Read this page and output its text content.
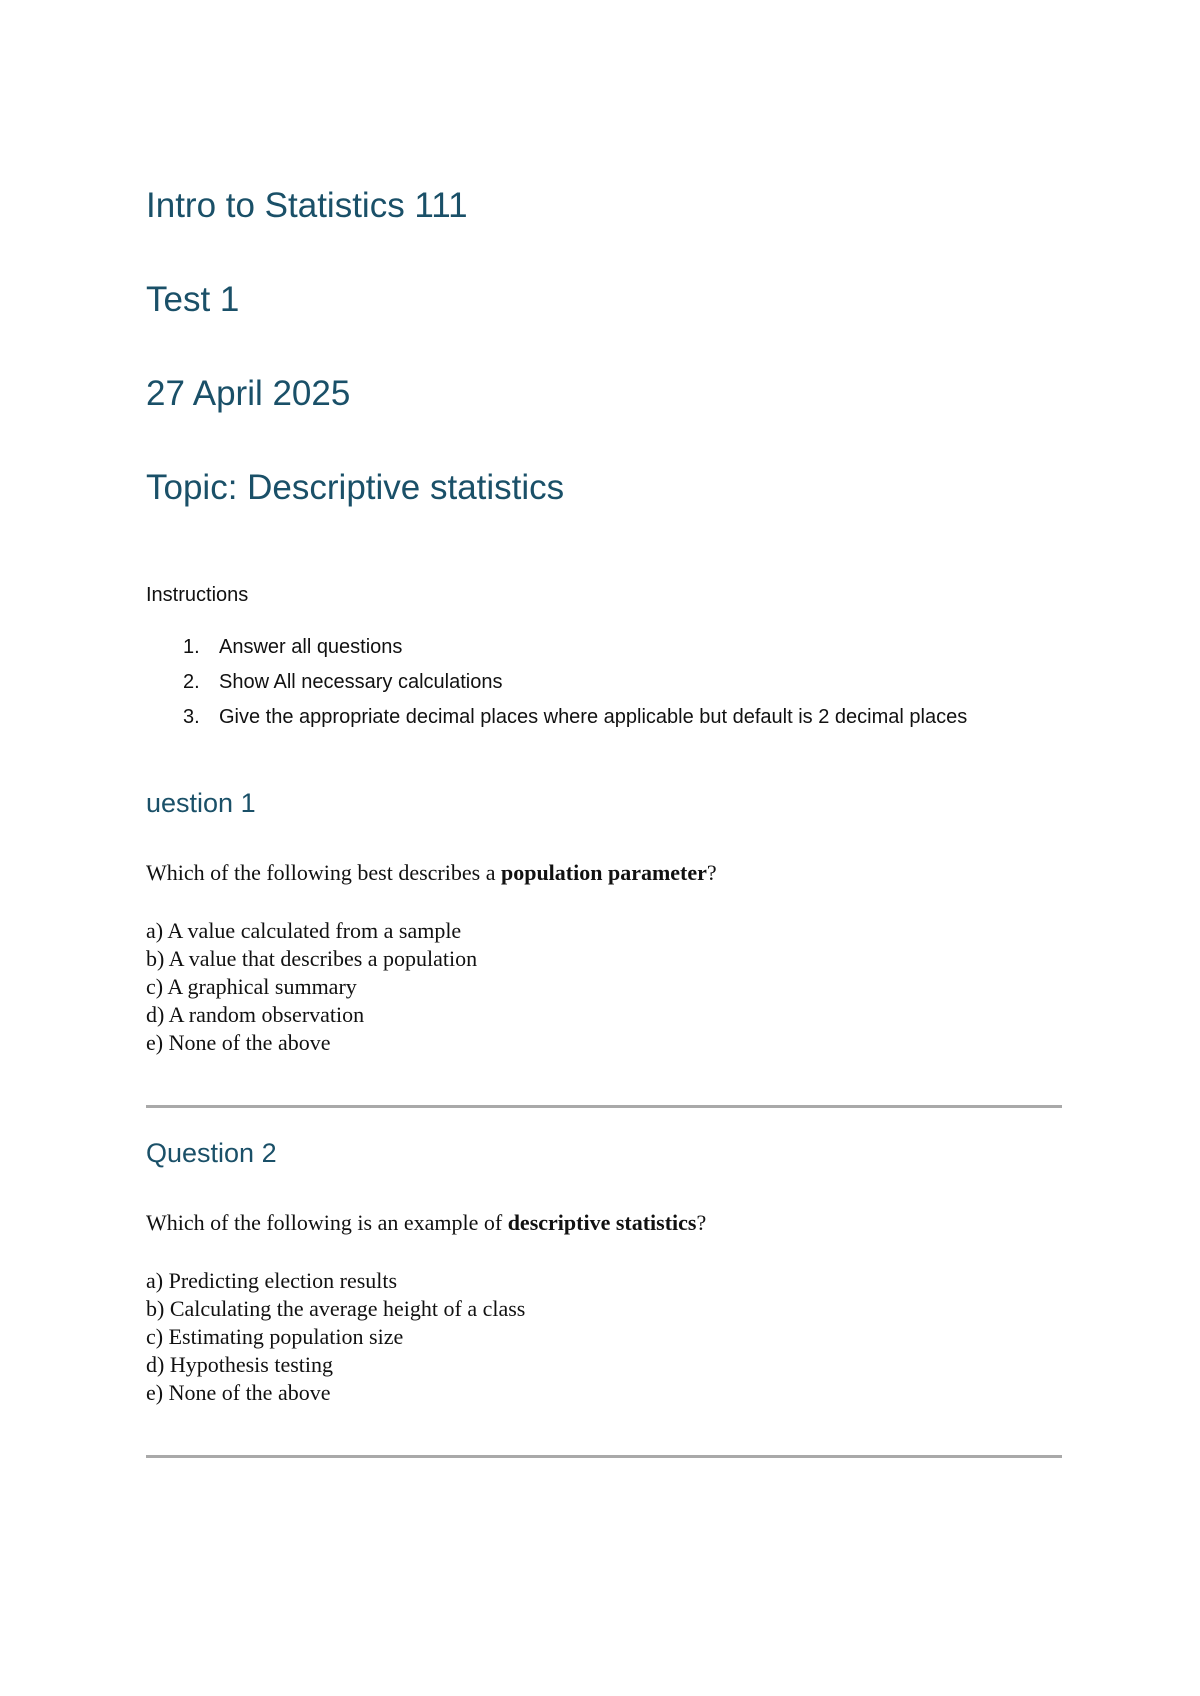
Intro to Statistics 111
Test 1
27 April 2025
Topic: Descriptive statistics
Instructions
1. Answer all questions
2. Show All necessary calculations
3. Give the appropriate decimal places where applicable but default is 2 decimal places
uestion 1
Which of the following best describes a population parameter?
a) A value calculated from a sample
b) A value that describes a population
c) A graphical summary
d) A random observation
e) None of the above
Question 2
Which of the following is an example of descriptive statistics?
a) Predicting election results
b) Calculating the average height of a class
c) Estimating population size
d) Hypothesis testing
e) None of the above
